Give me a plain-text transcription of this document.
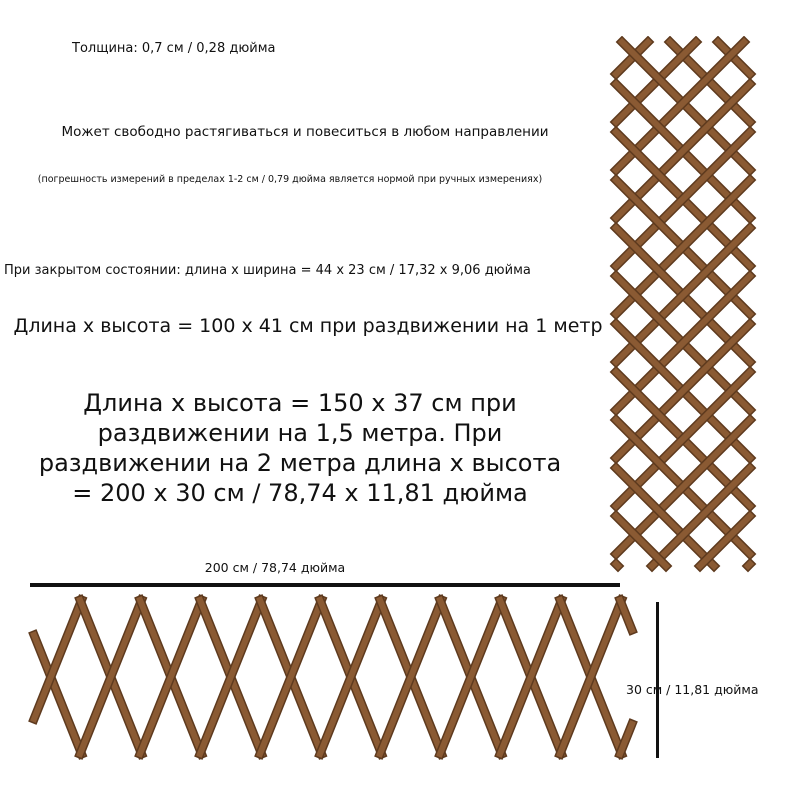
Толщина: 0,7 см / 0,28 дюйма

Может свободно растягиваться и повеситься в любом направлении

(погрешность измерений в пределах 1-2 см / 0,79 дюйма является нормой при ручных измерениях)

При закрытом состоянии: длина x ширина = 44 x 23 см / 17,32 x 9,06 дюйма

Длина x высота = 100 x 41 см при раздвижении на 1 метр

Длина x высота = 150 x 37 см при раздвижении на 1,5 метра. При раздвижении на 2 метра длина x высота = 200 x 30 см / 78,74 x 11,81 дюйма

200 см / 78,74 дюйма

30 см / 11,81 дюйма
